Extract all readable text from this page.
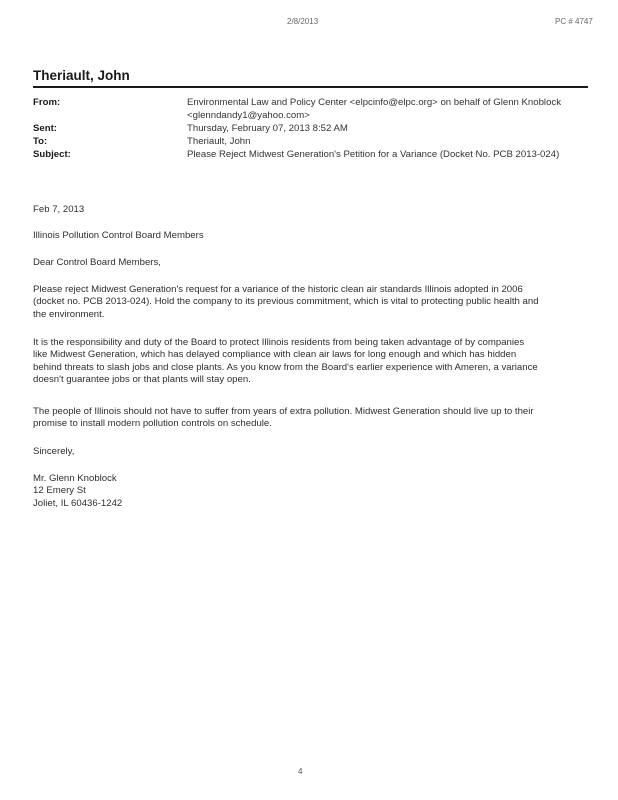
2/8/2013	PC # 4747
Theriault, John
From:	Environmental Law and Policy Center <elpcinfo@elpc.org> on behalf of Glenn Knoblock
<glenndandy1@yahoo.com>
Sent:	Thursday, February 07, 2013 8:52 AM
To:	Theriault, John
Subject:	Please Reject Midwest Generation's Petition for a Variance (Docket No. PCB 2013-024)
Feb 7, 2013
Illinois Pollution Control Board Members
Dear Control Board Members,
Please reject Midwest Generation's request for a variance of the historic clean air standards Illinois adopted in 2006
(docket no. PCB 2013-024). Hold the company to its previous commitment, which is vital to protecting public health and
the environment.
It is the responsibility and duty of the Board to protect Illinois residents from being taken advantage of by companies
like Midwest Generation, which has delayed compliance with clean air laws for long enough and which has hidden
behind threats to slash jobs and close plants. As you know from the Board's earlier experience with Ameren, a variance
doesn't guarantee jobs or that plants will stay open.
The people of Illinois should not have to suffer from years of extra pollution. Midwest Generation should live up to their
promise to install modern pollution controls on schedule.
Sincerely,
Mr. Glenn Knoblock
12 Emery St
Joliet, IL 60436-1242
4
